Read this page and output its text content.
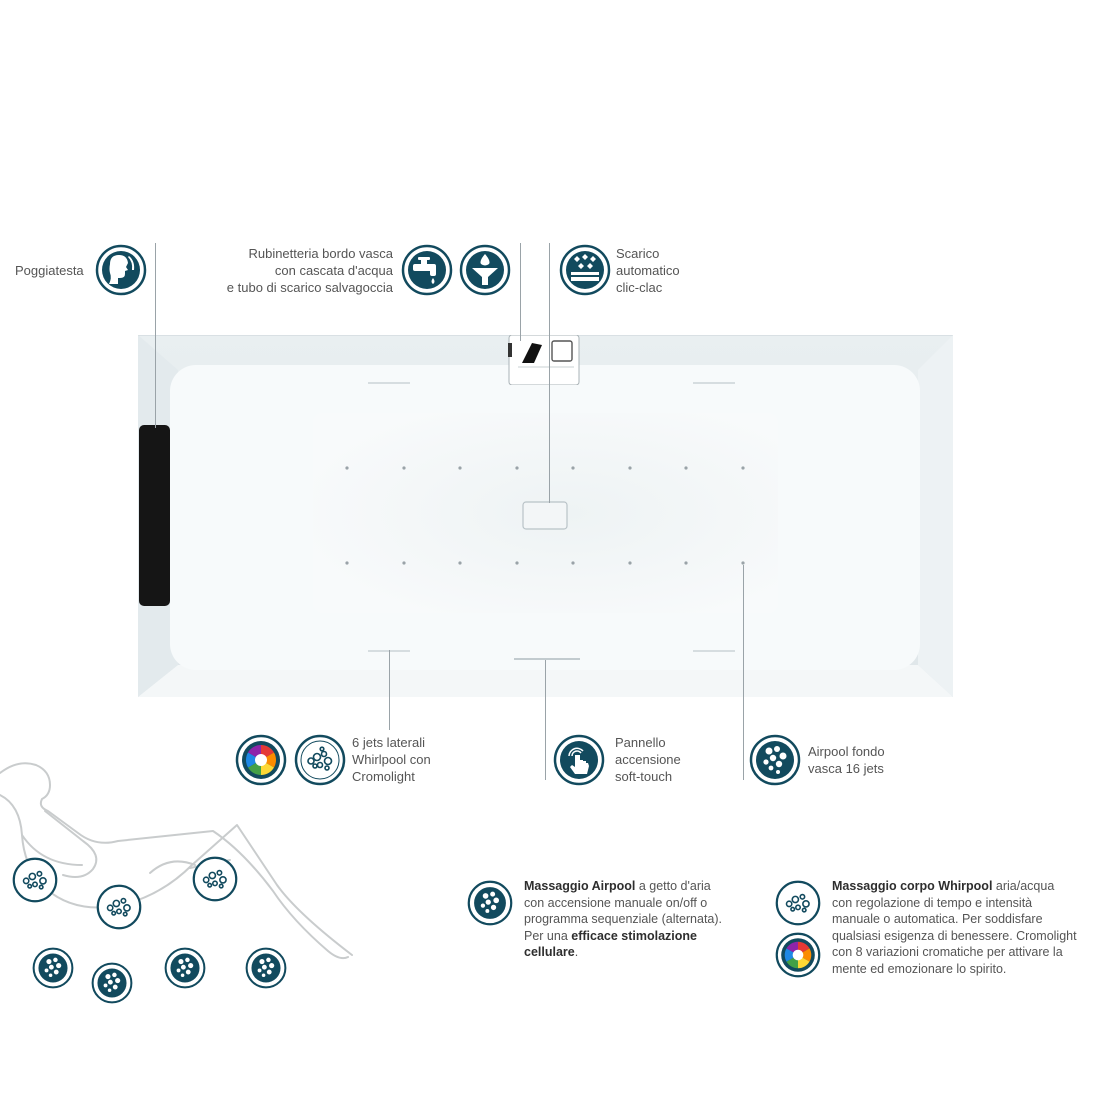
Poggiatesta
Rubinetteria bordo vasca
con cascata d'acqua
e tubo di scarico salvagoccia
Scarico
automatico
clic-clac
6 jets laterali
Whirlpool con
Cromolight
Pannello
accensione
soft-touch
Airpool fondo
vasca 16 jets
Massaggio Airpool a getto d'aria
con accensione manuale on/off o
programma sequenziale (alternata).
Per una efficace stimolazione
cellulare.
Massaggio corpo Whirpool aria/acqua
con regolazione di tempo e intensità
manuale o automatica. Per soddisfare
qualsiasi esigenza di benessere. Cromolight
con 8 variazioni cromatiche per attivare la
mente ed emozionare lo spirito.
